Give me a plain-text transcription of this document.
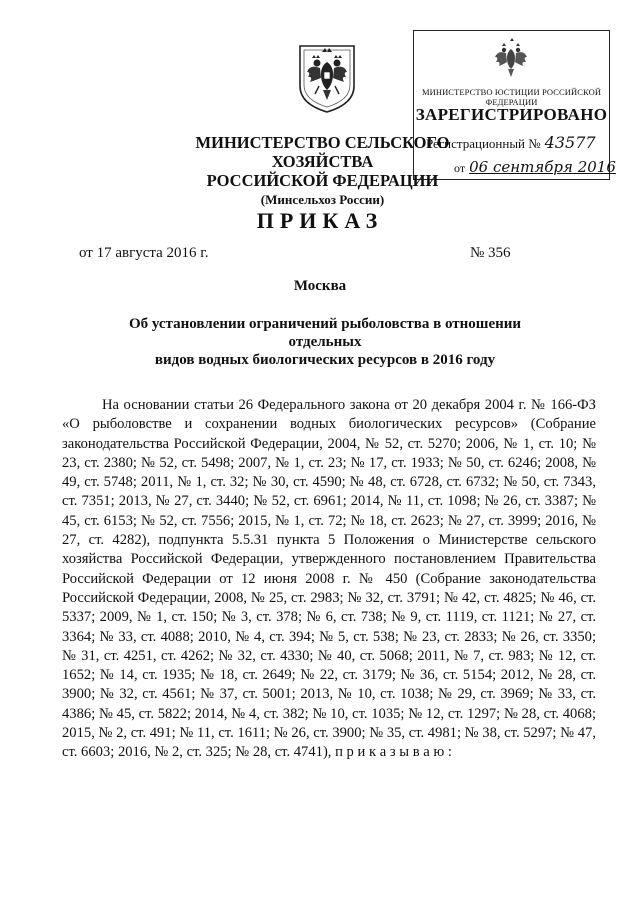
МИНИСТЕРСТВО ЮСТИЦИИ РОССИЙСКОЙ ФЕДЕРАЦИИ
ЗАРЕГИСТРИРОВАНО
Регистрационный № 43577
от 06 сентября 2016
МИНИСТЕРСТВО СЕЛЬСКОГО ХОЗЯЙСТВА
РОССИЙСКОЙ ФЕДЕРАЦИИ
(Минсельхоз России)
ПРИКАЗ
от 17 августа 2016 г.	№ 356
Москва
Об установлении ограничений рыболовства в отношении отдельных
видов водных биологических ресурсов в 2016 году

На основании статьи 26 Федерального закона от 20 декабря 2004 г. № 166-ФЗ «О рыболовстве и сохранении водных биологических ресурсов» (Собрание законодательства Российской Федерации, 2004, № 52, ст. 5270; 2006, № 1, ст. 10; № 23, ст. 2380; № 52, ст. 5498; 2007, № 1, ст. 23; № 17, ст. 1933; № 50, ст. 6246; 2008, № 49, ст. 5748; 2011, № 1, ст. 32; № 30, ст. 4590; № 48, ст. 6728, ст. 6732; № 50, ст. 7343, ст. 7351; 2013, № 27, ст. 3440; № 52, ст. 6961; 2014, № 11, ст. 1098; № 26, ст. 3387; № 45, ст. 6153; № 52, ст. 7556; 2015, № 1, ст. 72; № 18, ст. 2623; № 27, ст. 3999; 2016, № 27, ст. 4282), подпункта 5.5.31 пункта 5 Положения о Министерстве сельского хозяйства Российской Федерации, утвержденного постановлением Правительства Российской Федерации от 12 июня 2008 г. № 450 (Собрание законодательства Российской Федерации, 2008, № 25, ст. 2983; № 32, ст. 3791; № 42, ст. 4825; № 46, ст. 5337; 2009, № 1, ст. 150; № 3, ст. 378; № 6, ст. 738; № 9, ст. 1119, ст. 1121; № 27, ст. 3364; № 33, ст. 4088; 2010, № 4, ст. 394; № 5, ст. 538; № 23, ст. 2833; № 26, ст. 3350; № 31, ст. 4251, ст. 4262; № 32, ст. 4330; № 40, ст. 5068; 2011, № 7, ст. 983; № 12, ст. 1652; № 14, ст. 1935; № 18, ст. 2649; № 22, ст. 3179; № 36, ст. 5154; 2012, № 28, ст. 3900; № 32, ст. 4561; № 37, ст. 5001; 2013, № 10, ст. 1038; № 29, ст. 3969; № 33, ст. 4386; № 45, ст. 5822; 2014, № 4, ст. 382; № 10, ст. 1035; № 12, ст. 1297; № 28, ст. 4068; 2015, № 2, ст. 491; № 11, ст. 1611; № 26, ст. 3900; № 35, ст. 4981; № 38, ст. 5297; № 47, ст. 6603; 2016, № 2, ст. 325; № 28, ст. 4741), п р и к а з ы в а ю :
